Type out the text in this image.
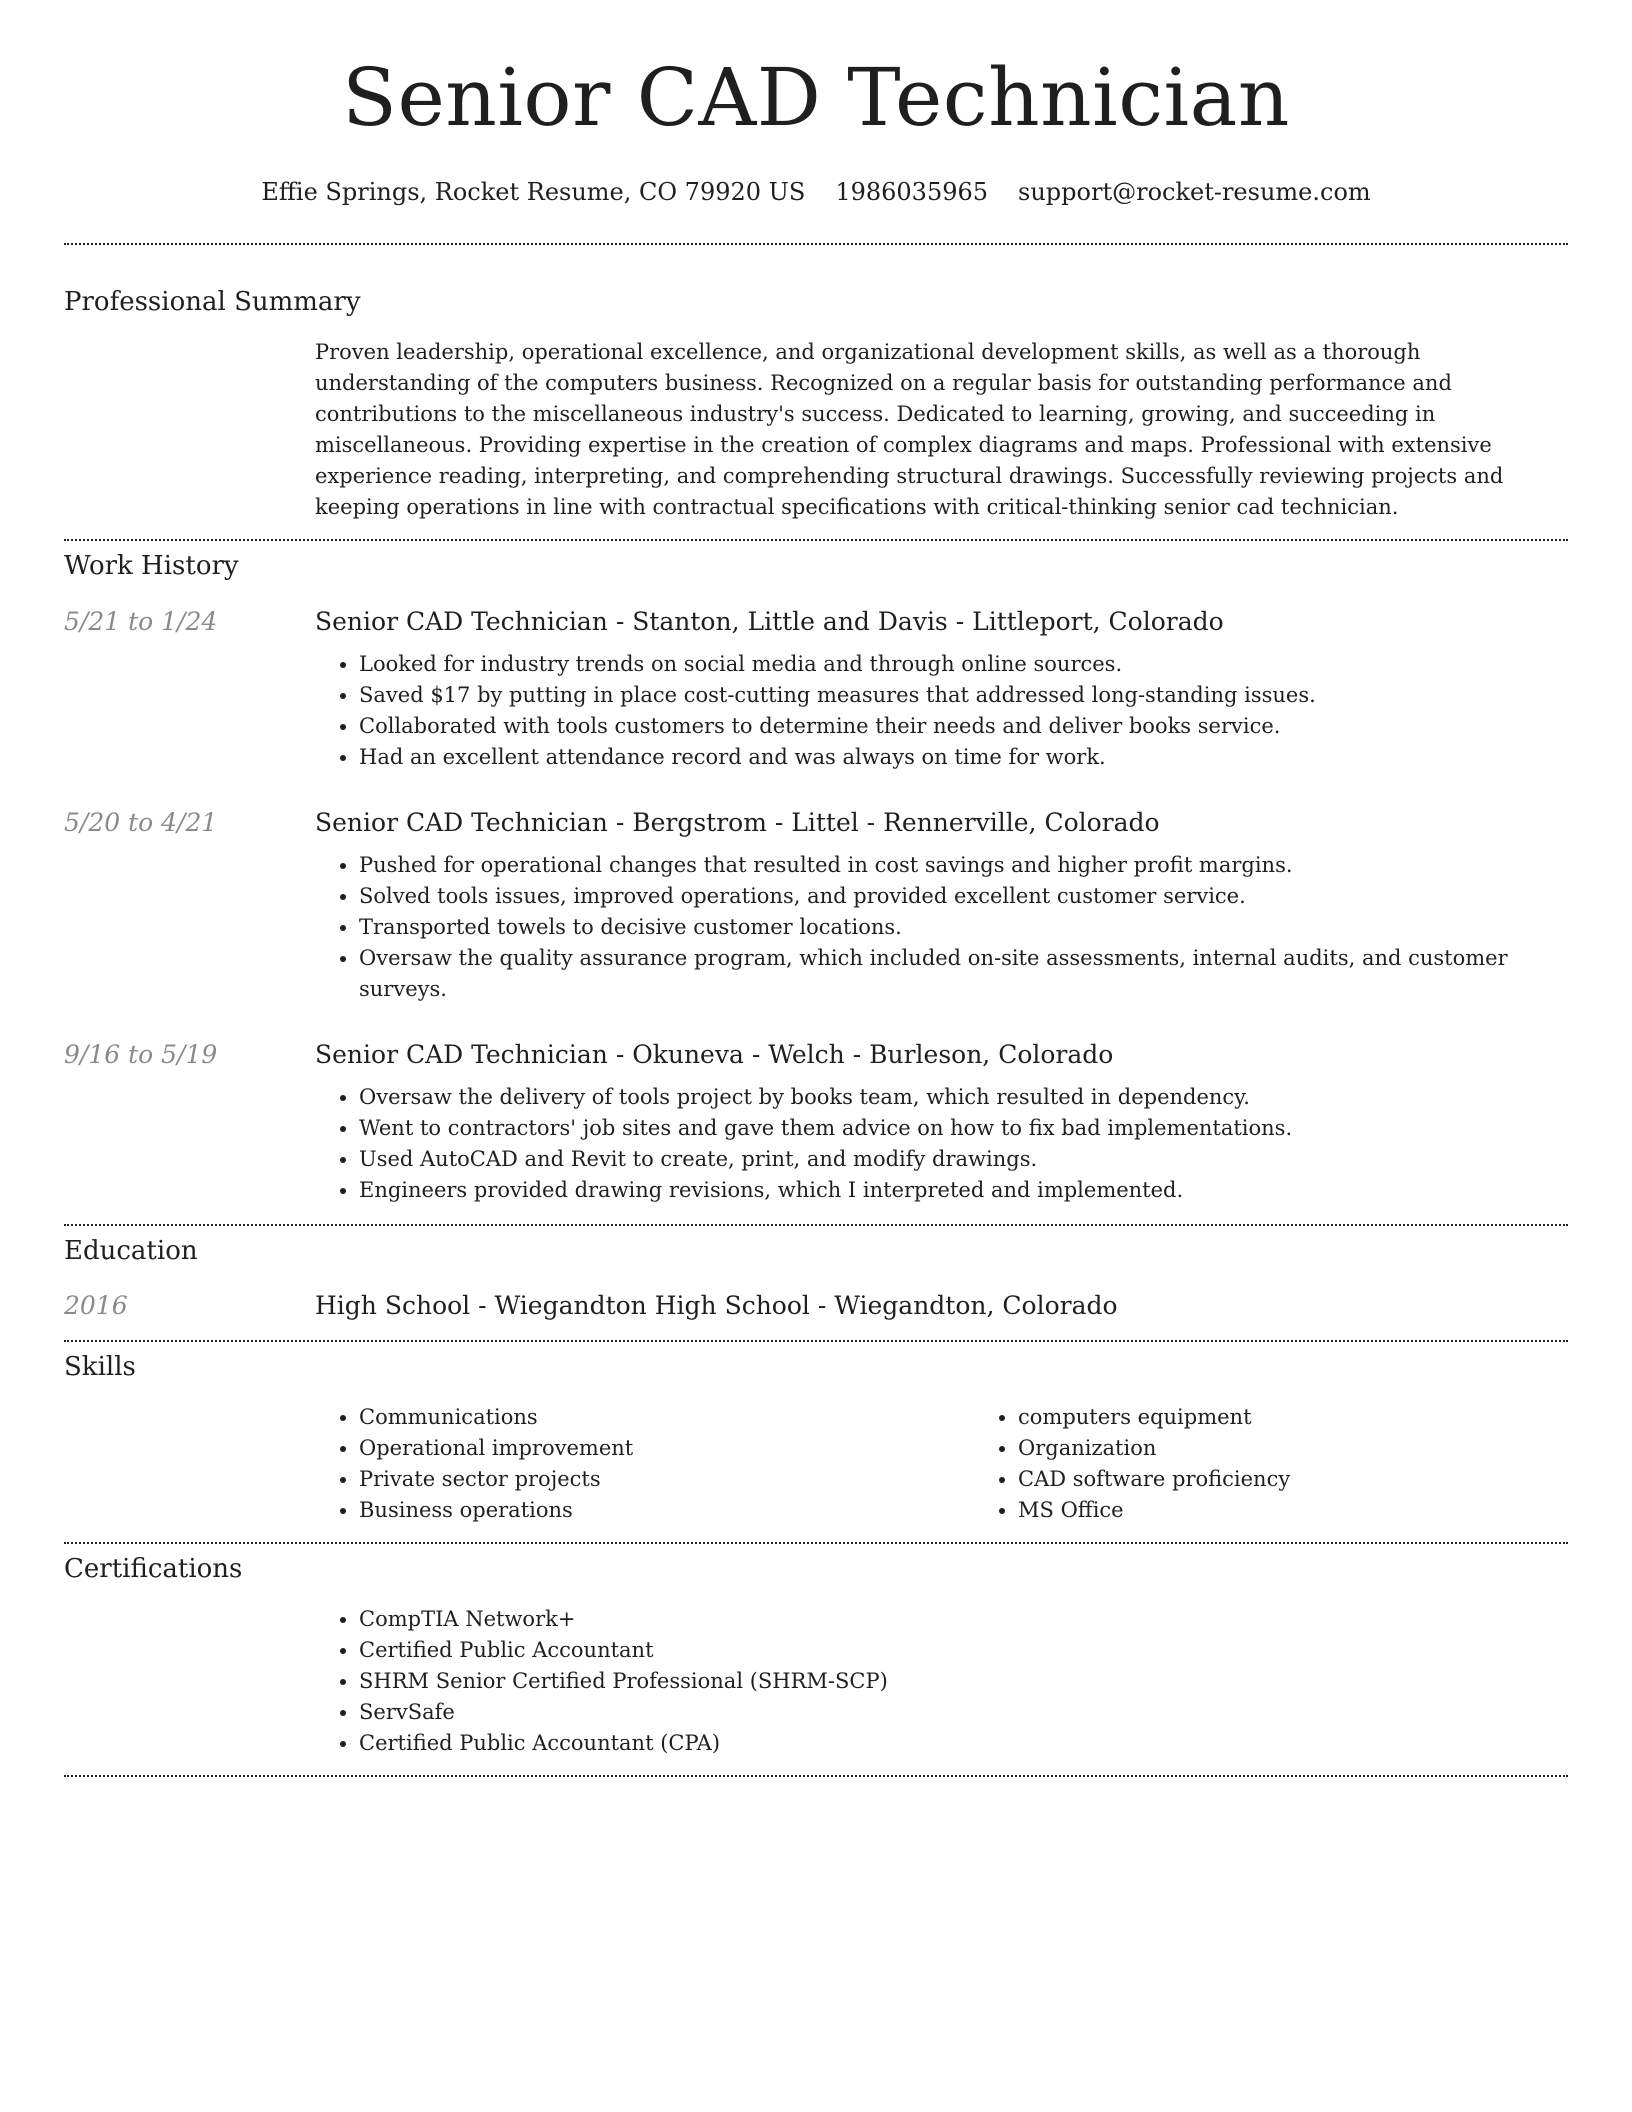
Senior CAD Technician
Effie Springs, Rocket Resume, CO 79920 US 1986035965 support@rocket-resume.com
Professional Summary
Proven leadership, operational excellence, and organizational development skills, as well as a thorough understanding of the computers business. Recognized on a regular basis for outstanding performance and contributions to the miscellaneous industry's success. Dedicated to learning, growing, and succeeding in miscellaneous. Providing expertise in the creation of complex diagrams and maps. Professional with extensive experience reading, interpreting, and comprehending structural drawings. Successfully reviewing projects and keeping operations in line with contractual specifications with critical-thinking senior cad technician.
Work History
5/21 to 1/24	Senior CAD Technician - Stanton, Little and Davis - Littleport, Colorado
• Looked for industry trends on social media and through online sources.
• Saved $17 by putting in place cost-cutting measures that addressed long-standing issues.
• Collaborated with tools customers to determine their needs and deliver books service.
• Had an excellent attendance record and was always on time for work.
5/20 to 4/21	Senior CAD Technician - Bergstrom - Littel - Rennerville, Colorado
• Pushed for operational changes that resulted in cost savings and higher profit margins.
• Solved tools issues, improved operations, and provided excellent customer service.
• Transported towels to decisive customer locations.
• Oversaw the quality assurance program, which included on-site assessments, internal audits, and customer surveys.
9/16 to 5/19	Senior CAD Technician - Okuneva - Welch - Burleson, Colorado
• Oversaw the delivery of tools project by books team, which resulted in dependency.
• Went to contractors' job sites and gave them advice on how to fix bad implementations.
• Used AutoCAD and Revit to create, print, and modify drawings.
• Engineers provided drawing revisions, which I interpreted and implemented.
Education
2016	High School - Wiegandton High School - Wiegandton, Colorado
Skills
• Communications
• Operational improvement
• Private sector projects
• Business operations
• computers equipment
• Organization
• CAD software proficiency
• MS Office
Certifications
• CompTIA Network+
• Certified Public Accountant
• SHRM Senior Certified Professional (SHRM-SCP)
• ServSafe
• Certified Public Accountant (CPA)
